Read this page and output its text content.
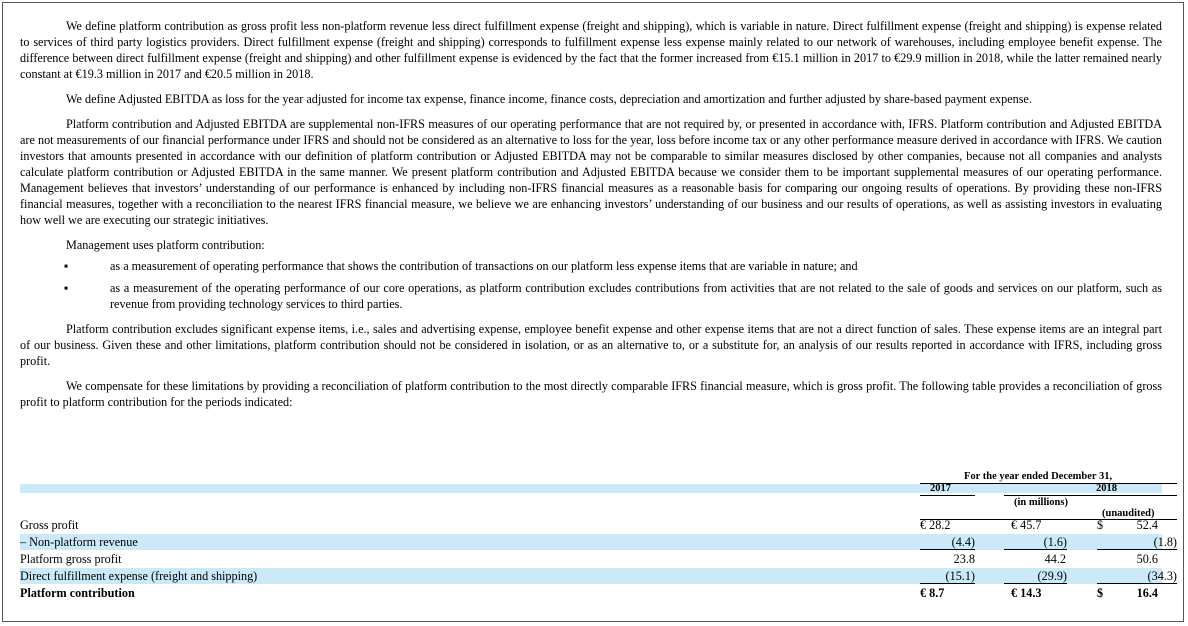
We define platform contribution as gross profit less non-platform revenue less direct fulfillment expense (freight and shipping), which is variable in nature. Direct fulfillment expense (freight and shipping) is expense related to services of third party logistics providers. Direct fulfillment expense (freight and shipping) corresponds to fulfillment expense less expense mainly related to our network of warehouses, including employee benefit expense. The difference between direct fulfillment expense (freight and shipping) and other fulfillment expense is evidenced by the fact that the former increased from €15.1 million in 2017 to €29.9 million in 2018, while the latter remained nearly constant at €19.3 million in 2017 and €20.5 million in 2018.

We define Adjusted EBITDA as loss for the year adjusted for income tax expense, finance income, finance costs, depreciation and amortization and further adjusted by share-based payment expense.

Platform contribution and Adjusted EBITDA are supplemental non-IFRS measures of our operating performance that are not required by, or presented in accordance with, IFRS. Platform contribution and Adjusted EBITDA are not measurements of our financial performance under IFRS and should not be considered as an alternative to loss for the year, loss before income tax or any other performance measure derived in accordance with IFRS. We caution investors that amounts presented in accordance with our definition of platform contribution or Adjusted EBITDA may not be comparable to similar measures disclosed by other companies, because not all companies and analysts calculate platform contribution or Adjusted EBITDA in the same manner. We present platform contribution and Adjusted EBITDA because we consider them to be important supplemental measures of our operating performance. Management believes that investors’ understanding of our performance is enhanced by including non-IFRS financial measures as a reasonable basis for comparing our ongoing results of operations. By providing these non-IFRS financial measures, together with a reconciliation to the nearest IFRS financial measure, we believe we are enhancing investors’ understanding of our business and our results of operations, as well as assisting investors in evaluating how well we are executing our strategic initiatives.

Management uses platform contribution:

▪	as a measurement of operating performance that shows the contribution of transactions on our platform less expense items that are variable in nature; and
▪	as a measurement of the operating performance of our core operations, as platform contribution excludes contributions from activities that are not related to the sale of goods and services on our platform, such as revenue from providing technology services to third parties.

Platform contribution excludes significant expense items, i.e., sales and advertising expense, employee benefit expense and other expense items that are not a direct function of sales. These expense items are an integral part of our business. Given these and other limitations, platform contribution should not be considered in isolation, or as an alternative to, or a substitute for, an analysis of our results reported in accordance with IFRS, including gross profit.

We compensate for these limitations by providing a reconciliation of platform contribution to the most directly comparable IFRS financial measure, which is gross profit. The following table provides a reconciliation of gross profit to platform contribution for the periods indicated:

For the year ended December 31,
2017	2018
(in millions)
(unaudited)
Gross profit	€ 28.2	€ 45.7	$	52.4
– Non-platform revenue	(4.4)	(1.6)	(1.8)
Platform gross profit	23.8	44.2	50.6
Direct fulfillment expense (freight and shipping)	(15.1)	(29.9)	(34.3)
Platform contribution	€ 8.7	€ 14.3	$	16.4
